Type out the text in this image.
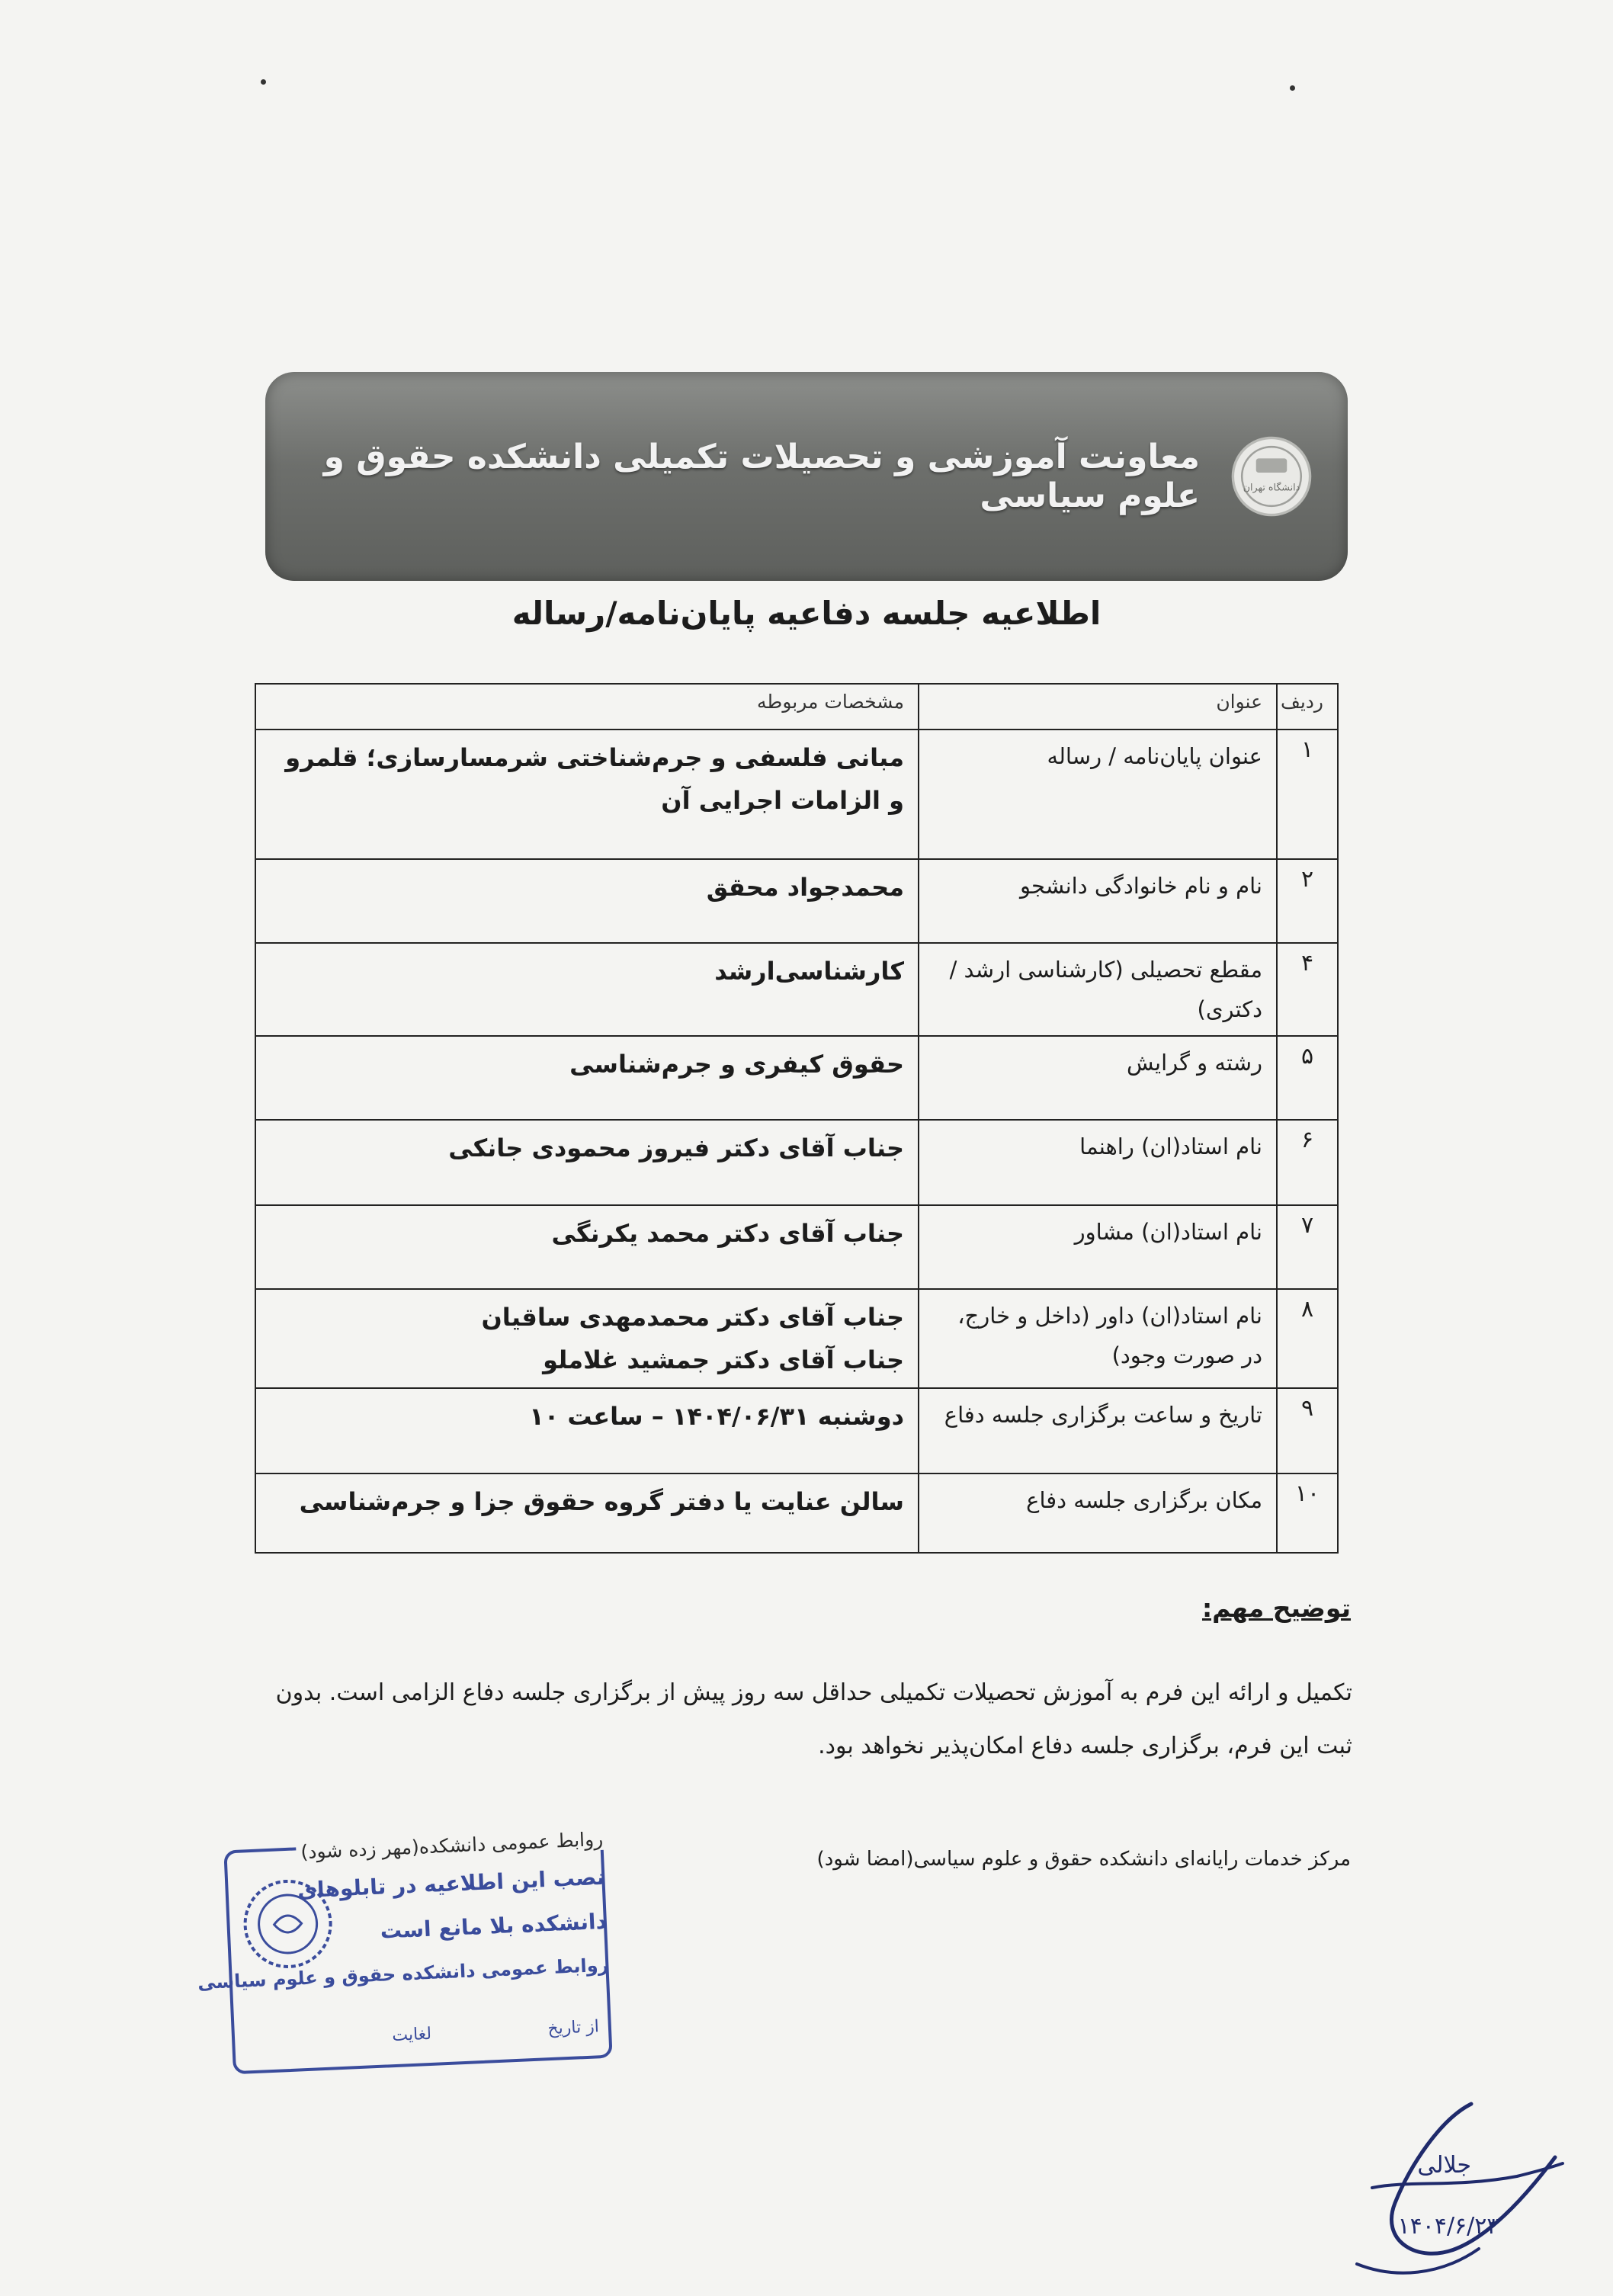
معاونت آموزشی و تحصیلات تکمیلی دانشکده حقوق و علوم سیاسی	دانشگاه تهران
اطلاعیه جلسه دفاعیه پایان‌نامه/رساله
ردیف	عنوان	مشخصات مربوطه
۱	عنوان پایان‌نامه / رساله	مبانی فلسفی و جرم‌شناختی شرمسارسازی؛ قلمرو و الزامات اجرایی آن
۲	نام و نام خانوادگی دانشجو	محمدجواد محقق
۴	مقطع تحصیلی (کارشناسی ارشد / دکتری)	کارشناسی‌ارشد
۵	رشته و گرایش	حقوق کیفری و جرم‌شناسی
۶	نام استاد(ان) راهنما	جناب آقای دکتر فیروز محمودی جانکی
۷	نام استاد(ان) مشاور	جناب آقای دکتر محمد یکرنگی
۸	نام استاد(ان) داور (داخل و خارج، در صورت وجود)	جناب آقای دکتر محمدمهدی ساقیان
جناب آقای دکتر جمشید غلاملو

۹	تاریخ و ساعت برگزاری جلسه دفاع	دوشنبه ۱۴۰۴/۰۶/۳۱ – ساعت ۱۰
۱۰	مکان برگزاری جلسه دفاع	سالن عنایت یا دفتر گروه حقوق جزا و جرم‌شناسی
توضیح مهم:
تکمیل و ارائه این فرم به آموزش تحصیلات تکمیلی حداقل سه روز پیش از برگزاری جلسه دفاع الزامی است. بدون ثبت این فرم، برگزاری جلسه دفاع امکان‌پذیر نخواهد بود.
مرکز خدمات رایانه‌ای دانشکده حقوق و علوم سیاسی(امضا شود)
روابط عمومی دانشکده(مهر زده شود)
نصب این اطلاعیه در تابلوهای
دانشکده بلا مانع است
روابط عمومی دانشکده حقوق و علوم سیاسی
از تاریخ
لغایت
جلالی
۱۴۰۴/۶/۲۳
